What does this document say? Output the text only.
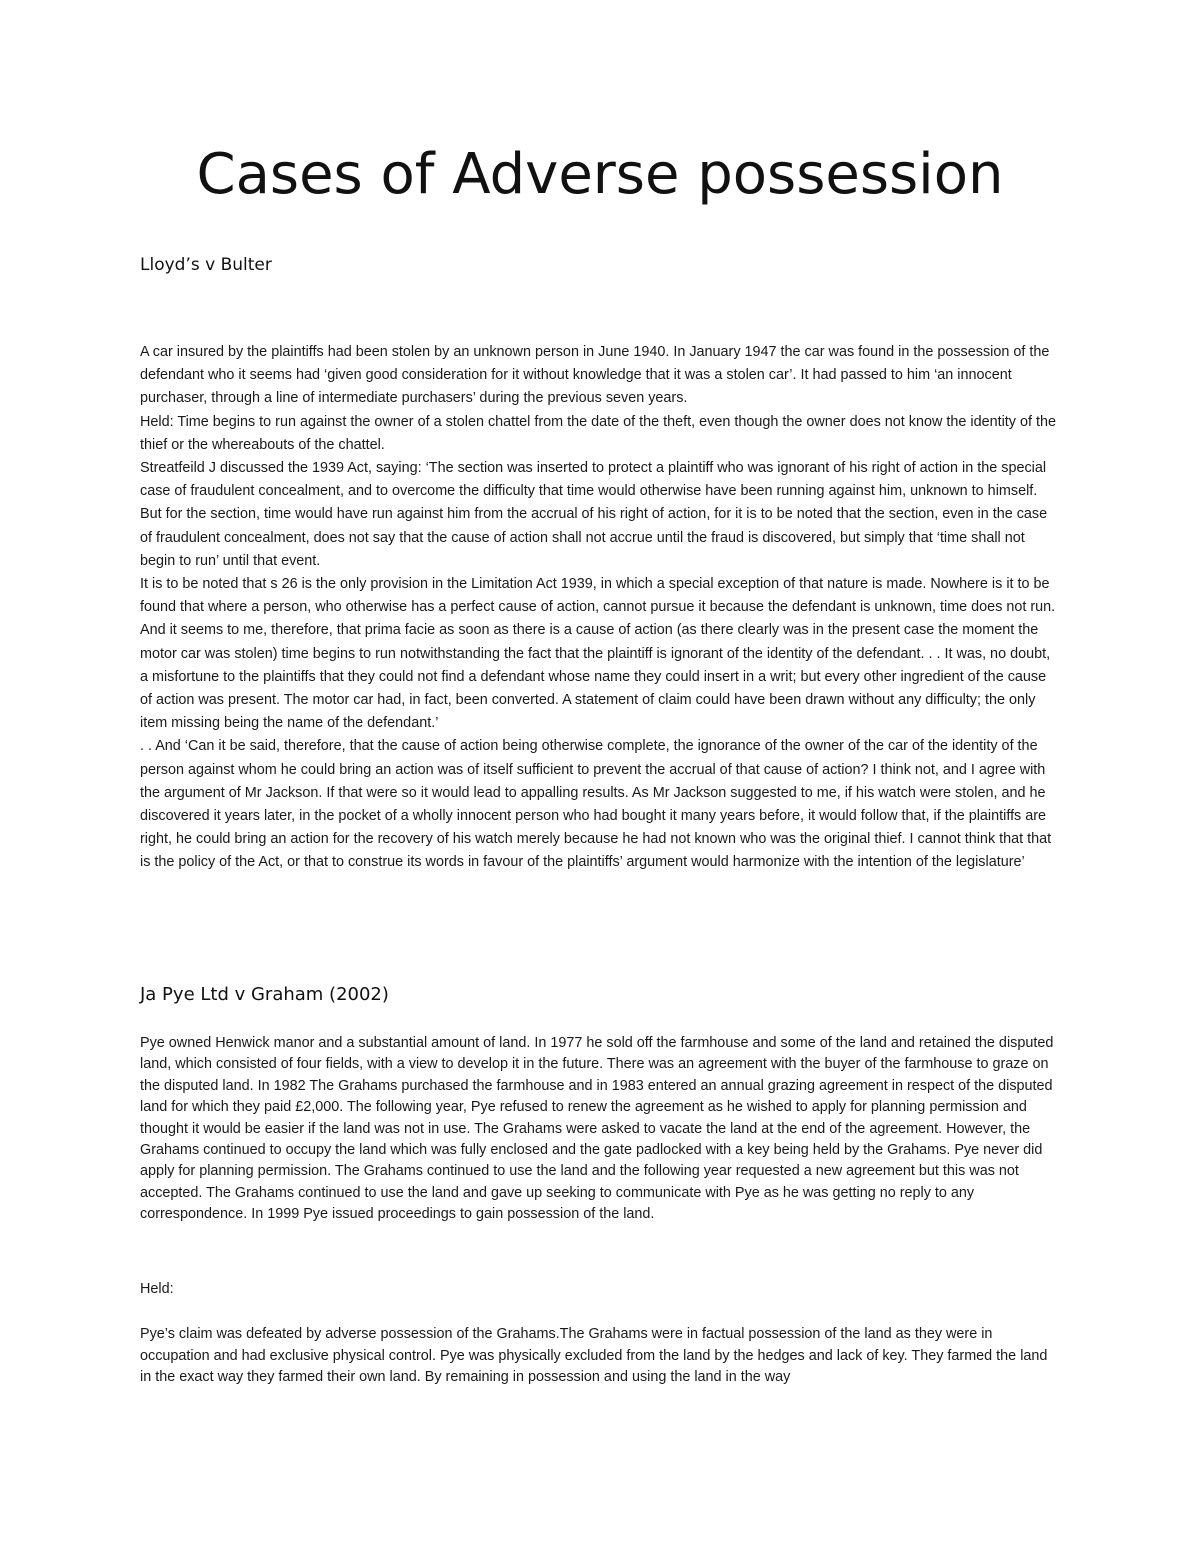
Cases of Adverse possession
Lloyd’s v Bulter

A car insured by the plaintiffs had been stolen by an unknown person in June 1940. In January 1947 the car was found in the possession of the defendant who it seems had ‘given good consideration for it without knowledge that it was a stolen car’. It had passed to him ‘an innocent purchaser, through a line of intermediate purchasers’ during the previous seven years.

Held: Time begins to run against the owner of a stolen chattel from the date of the theft, even though the owner does not know the identity of the thief or the whereabouts of the chattel.

Streatfeild J discussed the 1939 Act, saying: ‘The section was inserted to protect a plaintiff who was ignorant of his right of action in the special case of fraudulent concealment, and to overcome the difficulty that time would otherwise have been running against him, unknown to himself. But for the section, time would have run against him from the accrual of his right of action, for it is to be noted that the section, even in the case of fraudulent concealment, does not say that the cause of action shall not accrue until the fraud is discovered, but simply that ‘time shall not begin to run’ until that event.

It is to be noted that s 26 is the only provision in the Limitation Act 1939, in which a special exception of that nature is made. Nowhere is it to be found that where a person, who otherwise has a perfect cause of action, cannot pursue it because the defendant is unknown, time does not run. And it seems to me, therefore, that prima facie as soon as there is a cause of action (as there clearly was in the present case the moment the motor car was stolen) time begins to run notwithstanding the fact that the plaintiff is ignorant of the identity of the defendant. . . It was, no doubt, a misfortune to the plaintiffs that they could not find a defendant whose name they could insert in a writ; but every other ingredient of the cause of action was present. The motor car had, in fact, been converted. A statement of claim could have been drawn without any difficulty; the only item missing being the name of the defendant.’

. . And ‘Can it be said, therefore, that the cause of action being otherwise complete, the ignorance of the owner of the car of the identity of the person against whom he could bring an action was of itself sufficient to prevent the accrual of that cause of action? I think not, and I agree with the argument of Mr Jackson. If that were so it would lead to appalling results. As Mr Jackson suggested to me, if his watch were stolen, and he discovered it years later, in the pocket of a wholly innocent person who had bought it many years before, it would follow that, if the plaintiffs are right, he could bring an action for the recovery of his watch merely because he had not known who was the original thief. I cannot think that that is the policy of the Act, or that to construe its words in favour of the plaintiffs’ argument would harmonize with the intention of the legislature’

Ja Pye Ltd v Graham (2002)

Pye owned Henwick manor and a substantial amount of land. In 1977 he sold off the farmhouse and some of the land and retained the disputed land, which consisted of four fields, with a view to develop it in the future. There was an agreement with the buyer of the farmhouse to graze on the disputed land. In 1982 The Grahams purchased the farmhouse and in 1983 entered an annual grazing agreement in respect of the disputed land for which they paid £2,000. The following year, Pye refused to renew the agreement as he wished to apply for planning permission and thought it would be easier if the land was not in use. The Grahams were asked to vacate the land at the end of the agreement. However, the Grahams continued to occupy the land which was fully enclosed and the gate padlocked with a key being held by the Grahams. Pye never did apply for planning permission. The Grahams continued to use the land and the following year requested a new agreement but this was not accepted. The Grahams continued to use the land and gave up seeking to communicate with Pye as he was getting no reply to any correspondence. In 1999 Pye issued proceedings to gain possession of the land.

Held:

Pye’s claim was defeated by adverse possession of the Grahams.The Grahams were in factual possession of the land as they were in occupation and had exclusive physical control. Pye was physically excluded from the land by the hedges and lack of key. They farmed the land in the exact way they farmed their own land. By remaining in possession and using the land in the way
